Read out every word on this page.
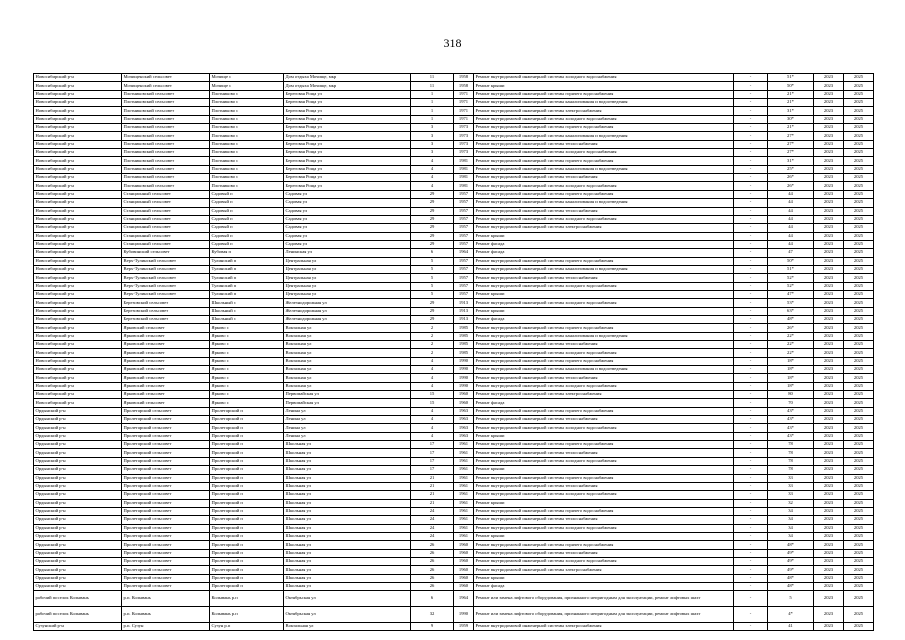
318
Новосибирский р-н	Мочищенский сельсовет	Мочище с	Дом отдыха Мочище, мкр	11	1958	Ремонт внутридомовой инженерной системы холодного водоснабжения	-	51*	2023	2025
Новосибирский р-н	Мочищенский сельсовет	Мочище с	Дом отдыха Мочище, мкр	11	1958	Ремонт крыши	-	50*	2023	2025
Новосибирский р-н	Плотниковский сельсовет	Плотниково с	Береговая Роща ул	1	1971	Ремонт внутридомовой инженерной системы горячего водоснабжения	-	21*	2023	2025
Новосибирский р-н	Плотниковский сельсовет	Плотниково с	Береговая Роща ул	1	1971	Ремонт внутридомовой инженерной системы канализования и водоотведения	-	21*	2023	2025
Новосибирский р-н	Плотниковский сельсовет	Плотниково с	Береговая Роща ул	1	1971	Ремонт внутридомовой инженерной системы электроснабжения	-	31*	2023	2025
Новосибирский р-н	Плотниковский сельсовет	Плотниково с	Береговая Роща ул	1	1971	Ремонт внутридомовой инженерной системы холодного водоснабжения	-	30*	2023	2025
Новосибирский р-н	Плотниковский сельсовет	Плотниково с	Береговая Роща ул	3	1973	Ремонт внутридомовой инженерной системы горячего водоснабжения	-	21*	2023	2025
Новосибирский р-н	Плотниковский сельсовет	Плотниково с	Береговая Роща ул	3	1973	Ремонт внутридомовой инженерной системы канализования и водоотведения	-	27*	2023	2025
Новосибирский р-н	Плотниковский сельсовет	Плотниково с	Береговая Роща ул	3	1973	Ремонт внутридомовой инженерной системы теплоснабжения	-	27*	2023	2025
Новосибирский р-н	Плотниковский сельсовет	Плотниково с	Береговая Роща ул	3	1973	Ремонт внутридомовой инженерной системы холодного водоснабжения	-	27*	2023	2025
Новосибирский р-н	Плотниковский сельсовет	Плотниково с	Береговая Роща ул	4	1981	Ремонт внутридомовой инженерной системы горячего водоснабжения	-	31*	2023	2025
Новосибирский р-н	Плотниковский сельсовет	Плотниково с	Береговая Роща ул	4	1981	Ремонт внутридомовой инженерной системы канализования и водоотведения	-	25*	2023	2025
Новосибирский р-н	Плотниковский сельсовет	Плотниково с	Береговая Роща ул	4	1981	Ремонт внутридомовой инженерной системы теплоснабжения	-	26*	2023	2025
Новосибирский р-н	Плотниковский сельсовет	Плотниково с	Береговая Роща ул	4	1981	Ремонт внутридомовой инженерной системы холодного водоснабжения	-	26*	2023	2025
Новосибирский р-н	Станционный сельсовет	Садовый п	Садовая ул	29	1957	Ремонт внутридомовой инженерной системы горячего водоснабжения	-	44	2023	2025
Новосибирский р-н	Станционный сельсовет	Садовый п	Садовая ул	29	1957	Ремонт внутридомовой инженерной системы канализования и водоотведения	-	44	2023	2025
Новосибирский р-н	Станционный сельсовет	Садовый п	Садовая ул	29	1957	Ремонт внутридомовой инженерной системы теплоснабжения	-	44	2023	2025
Новосибирский р-н	Станционный сельсовет	Садовый п	Садовая ул	29	1957	Ремонт внутридомовой инженерной системы холодного водоснабжения	-	44	2023	2025
Новосибирский р-н	Станционный сельсовет	Садовый п	Садовая ул	29	1957	Ремонт внутридомовой инженерной системы электроснабжения	-	44	2023	2025
Новосибирский р-н	Станционный сельсовет	Садовый п	Садовая ул	29	1957	Ремонт крыши	-	44	2023	2025
Новосибирский р-н	Станционный сельсовет	Садовый п	Садовая ул	29	1957	Ремонт фасада	-	44	2023	2025
Новосибирский р-н	Кубовинский сельсовет	Кубовая п	Ленинская ул	6	1964	Ремонт фасада	-	47	2023	2025
Новосибирский р-н	Верх-Тулинский сельсовет	Тулинский п	Центральная ул	5	1957	Ремонт внутридомовой инженерной системы горячего водоснабжения	-	50*	2023	2025
Новосибирский р-н	Верх-Тулинский сельсовет	Тулинский п	Центральная ул	5	1957	Ремонт внутридомовой инженерной системы канализования и водоотведения	-	51*	2023	2025
Новосибирский р-н	Верх-Тулинский сельсовет	Тулинский п	Центральная ул	5	1957	Ремонт внутридомовой инженерной системы теплоснабжения	-	52*	2023	2025
Новосибирский р-н	Верх-Тулинский сельсовет	Тулинский п	Центральная ул	5	1957	Ремонт внутридомовой инженерной системы холодного водоснабжения	-	52*	2023	2025
Новосибирский р-н	Верх-Тулинский сельсовет	Тулинский п	Центральная ул	5	1957	Ремонт крыши	-	47*	2023	2025
Новосибирский р-н	Березовский сельсовет	Школьный с	Железнодорожная ул	29	1913	Ремонт внутридомовой инженерной системы холодного водоснабжения	-	53*	2023	2025
Новосибирский р-н	Березовский сельсовет	Школьный с	Железнодорожная ул	29	1913	Ремонт крыши	-	63*	2023	2025
Новосибирский р-н	Березовский сельсовет	Школьный с	Железнодорожная ул	29	1913	Ремонт фасада	-	48*	2023	2025
Новосибирский р-н	Ярковский сельсовет	Ярково с	Вокзалная ул	2	1985	Ремонт внутридомовой инженерной системы горячего водоснабжения	-	26*	2023	2025
Новосибирский р-н	Ярковский сельсовет	Ярково с	Вокзалная ул	2	1985	Ремонт внутридомовой инженерной системы канализования и водоотведения	-	22*	2023	2025
Новосибирский р-н	Ярковский сельсовет	Ярково с	Вокзалная ул	2	1985	Ремонт внутридомовой инженерной системы теплоснабжения	-	22*	2023	2025
Новосибирский р-н	Ярковский сельсовет	Ярково с	Вокзалная ул	2	1985	Ремонт внутридомовой инженерной системы холодного водоснабжения	-	22*	2023	2025
Новосибирский р-н	Ярковский сельсовет	Ярково с	Вокзалная ул	4	1990	Ремонт внутридомовой инженерной системы горячего водоснабжения	-	18*	2023	2025
Новосибирский р-н	Ярковский сельсовет	Ярково с	Вокзалная ул	4	1990	Ремонт внутридомовой инженерной системы канализования и водоотведения	-	18*	2023	2025
Новосибирский р-н	Ярковский сельсовет	Ярково с	Вокзалная ул	4	1990	Ремонт внутридомовой инженерной системы теплоснабжения	-	18*	2023	2025
Новосибирский р-н	Ярковский сельсовет	Ярково с	Вокзалная ул	4	1990	Ремонт внутридомовой инженерной системы холодного водоснабжения	-	18*	2023	2025
Новосибирский р-н	Ярковский сельсовет	Ярково с	Первомайская ул	15	1960	Ремонт внутридомовой инженерной системы электроснабжения	-	80	2023	2025
Новосибирский р-н	Ярковский сельсовет	Ярково с	Первомайская ул	15	1960	Ремонт фасада	-	70	2023	2025
Ордынский р-н	Пролетарский сельсовет	Пролетарский п	Ленина ул	4	1963	Ремонт внутридомовой инженерной системы горячего водоснабжения	-	43*	2023	2025
Ордынский р-н	Пролетарский сельсовет	Пролетарский п	Ленина ул	4	1963	Ремонт внутридомовой инженерной системы теплоснабжения	-	43*	2023	2025
Ордынский р-н	Пролетарский сельсовет	Пролетарский п	Ленина ул	4	1963	Ремонт внутридомовой инженерной системы холодного водоснабжения	-	43*	2023	2025
Ордынский р-н	Пролетарский сельсовет	Пролетарский п	Ленина ул	4	1963	Ремонт крыши	-	43*	2023	2025
Ордынский р-н	Пролетарский сельсовет	Пролетарский п	Школьная ул	17	1961	Ремонт внутридомовой инженерной системы горячего водоснабжения	-	78	2023	2025
Ордынский р-н	Пролетарский сельсовет	Пролетарский п	Школьная ул	17	1961	Ремонт внутридомовой инженерной системы теплоснабжения	-	78	2023	2025
Ордынский р-н	Пролетарский сельсовет	Пролетарский п	Школьная ул	17	1961	Ремонт внутридомовой инженерной системы холодного водоснабжения	-	78	2023	2025
Ордынский р-н	Пролетарский сельсовет	Пролетарский п	Школьная ул	17	1961	Ремонт крыши	-	78	2023	2025
Ордынский р-н	Пролетарский сельсовет	Пролетарский п	Школьная ул	21	1961	Ремонт внутридомовой инженерной системы горячего водоснабжения	-	33	2023	2025
Ордынский р-н	Пролетарский сельсовет	Пролетарский п	Школьная ул	21	1961	Ремонт внутридомовой инженерной системы теплоснабжения	-	33	2023	2025
Ордынский р-н	Пролетарский сельсовет	Пролетарский п	Школьная ул	21	1961	Ремонт внутридомовой инженерной системы холодного водоснабжения	-	33	2023	2025
Ордынский р-н	Пролетарский сельсовет	Пролетарский п	Школьная ул	21	1961	Ремонт крыши	-	32	2023	2025
Ордынский р-н	Пролетарский сельсовет	Пролетарский п	Школьная ул	24	1961	Ремонт внутридомовой инженерной системы горячего водоснабжения	-	34	2023	2025
Ордынский р-н	Пролетарский сельсовет	Пролетарский п	Школьная ул	24	1961	Ремонт внутридомовой инженерной системы теплоснабжения	-	34	2023	2025
Ордынский р-н	Пролетарский сельсовет	Пролетарский п	Школьная ул	24	1961	Ремонт внутридомовой инженерной системы холодного водоснабжения	-	34	2023	2025
Ордынский р-н	Пролетарский сельсовет	Пролетарский п	Школьная ул	24	1961	Ремонт крыши	-	34	2023	2025
Ордынский р-н	Пролетарский сельсовет	Пролетарский п	Школьная ул	26	1960	Ремонт внутридомовой инженерной системы горячего водоснабжения	-	48*	2023	2025
Ордынский р-н	Пролетарский сельсовет	Пролетарский п	Школьная ул	26	1960	Ремонт внутридомовой инженерной системы теплоснабжения	-	49*	2023	2025
Ордынский р-н	Пролетарский сельсовет	Пролетарский п	Школьная ул	26	1960	Ремонт внутридомовой инженерной системы холодного водоснабжения	-	49*	2023	2025
Ордынский р-н	Пролетарский сельсовет	Пролетарский п	Школьная ул	26	1960	Ремонт внутридомовой инженерной системы электроснабжения	-	49*	2023	2025
Ордынский р-н	Пролетарский сельсовет	Пролетарский п	Школьная ул	26	1960	Ремонт крыши	-	48*	2023	2025
Ордынский р-н	Пролетарский сельсовет	Пролетарский п	Школьная ул	26	1960	Ремонт фасада	-	48*	2023	2025
рабочий поселок Колывань	р.п. Колывань	Колывань р.п	Октябрьская ул	6	1964	Ремонт или замена лифтового оборудования, признанного непригодным для эксплуатации, ремонт лифтовых шахт	-	5	2023	2025
рабочий поселок Колывань	р.п. Колывань	Колывань р.п	Октябрьская ул	32	1990	Ремонт или замена лифтового оборудования, признанного непригодным для эксплуатации, ремонт лифтовых шахт	-	4*	2023	2025
Сузунский р-н	р.п. Сузун	Сузун р.п	Вокзальная ул	9	1959	Ремонт внутридомовой инженерной системы электроснабжения	-	41	2023	2025
